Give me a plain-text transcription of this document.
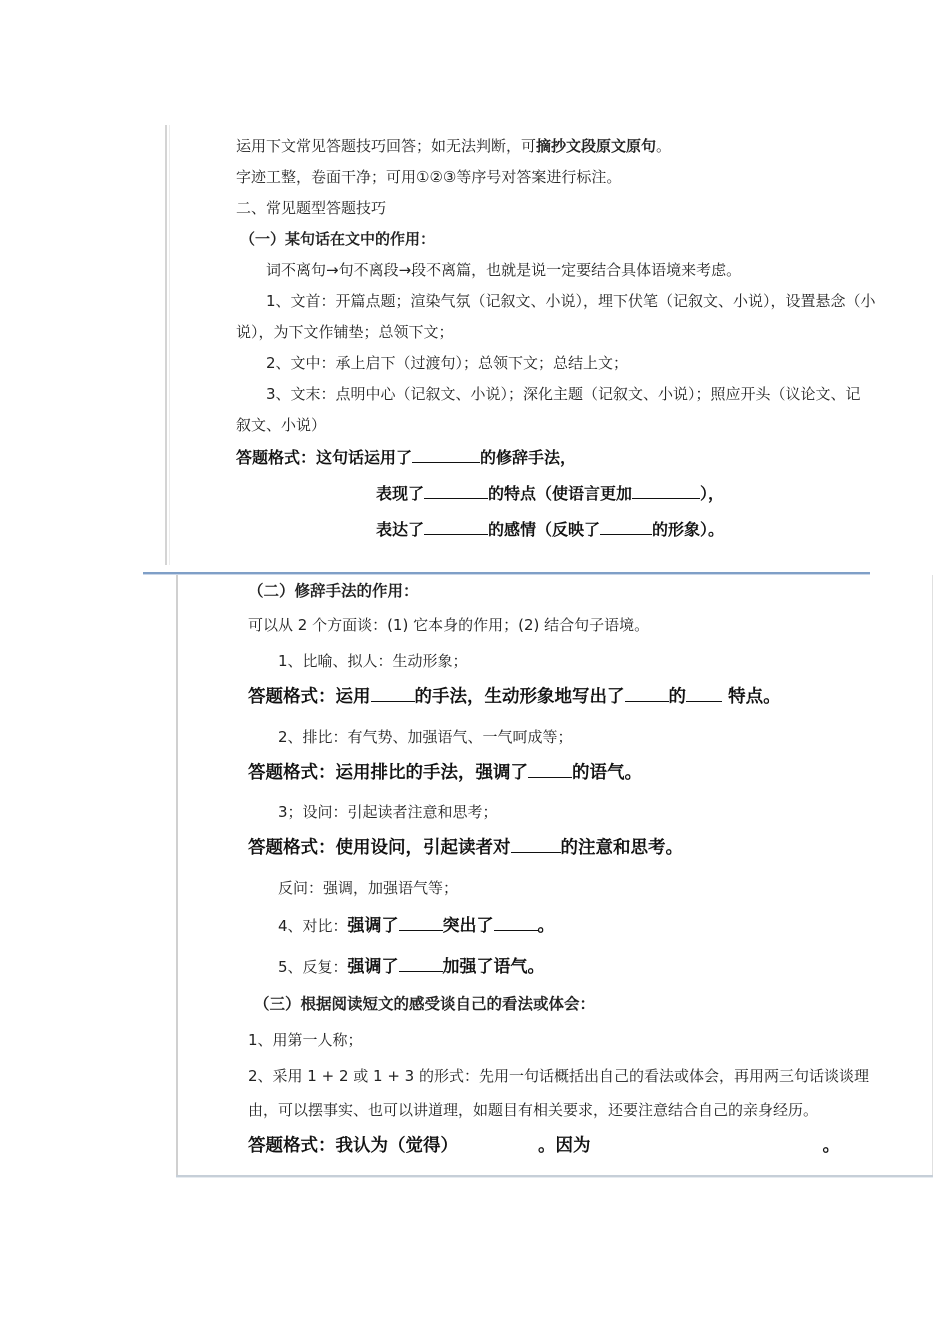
运用下文常见答题技巧回答；如无法判断，可摘抄文段原文原句。
字迹工整，卷面干净；可用①②③等序号对答案进行标注。
二、常见题型答题技巧
（一）某句话在文中的作用：
词不离句→句不离段→段不离篇，也就是说一定要结合具体语境来考虑。
1、文首：开篇点题；渲染气氛（记叙文、小说），埋下伏笔（记叙文、小说），设置悬念（小
说），为下文作铺垫；总领下文；
2、文中：承上启下（过渡句）；总领下文；总结上文；
3、文末：点明中心（记叙文、小说）；深化主题（记叙文、小说）；照应开头（议论文、记
叙文、小说）
答题格式：这句话运用了	的修辞手法，
表现了	的特点（使语言更加	），
表达了	的感情（反映了	的形象）。
（二）修辞手法的作用：
可以从 2 个方面谈：(1) 它本身的作用；(2) 结合句子语境。
1、比喻、拟人：生动形象；
答题格式：运用	的手法，生动形象地写出了	的 特点。
2、排比：有气势、加强语气、一气呵成等；
答题格式：运用排比的手法，强调了	的语气。
3；设问：引起读者注意和思考；
答题格式：使用设问，引起读者对	的注意和思考。
反问：强调，加强语气等；
4、对比：强调了	突出了	。
5、反复：强调了	加强了语气。
（三）根据阅读短文的感受谈自己的看法或体会：
1、用第一人称；
2、采用 1 + 2 或 1 + 3 的形式：先用一句话概括出自己的看法或体会，再用两三句话谈谈理
由，可以摆事实、也可以讲道理，如题目有相关要求，还要注意结合自己的亲身经历。
答题格式：我认为（觉得）	。因为	。
